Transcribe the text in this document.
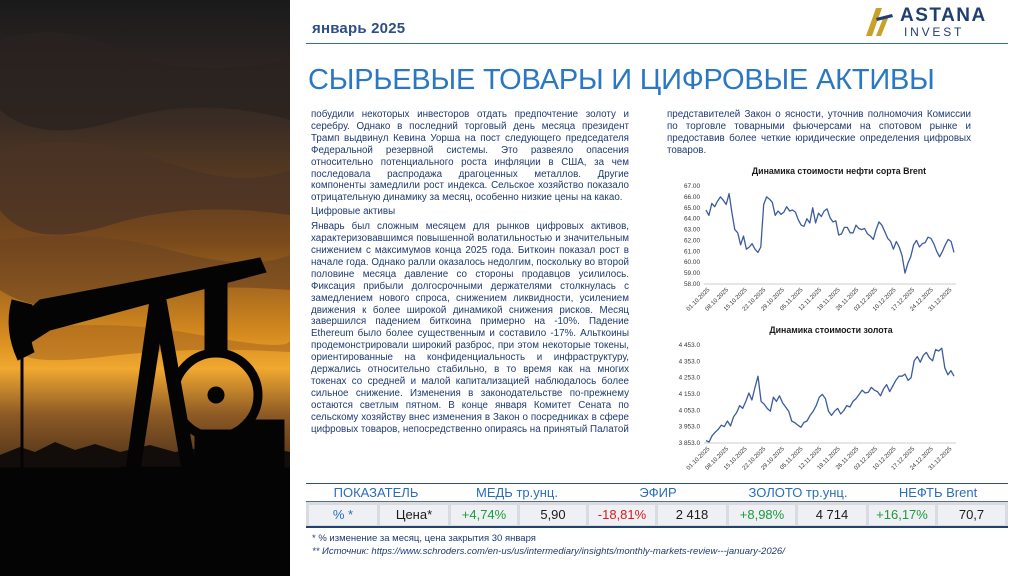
январь 2025
ASTANA
INVEST
СЫРЬЕВЫЕ ТОВАРЫ И ЦИФРОВЫЕ АКТИВЫ

побудили некоторых инвесторов отдать предпочтение золоту и серебру. Однако в последний торговый день месяца президент Трамп выдвинул Кевина Уорша на пост следующего председателя Федеральной резервной системы. Это развеяло опасения относительно потенциального роста инфляции в США, за чем последовала распродажа драгоценных металлов. Другие компоненты замедлили рост индекса. Сельское хозяйство показало отрицательную динамику за месяц, особенно низкие цены на какао.

Цифровые активы

Январь был сложным месяцем для рынков цифровых активов, характеризовавшимся повышенной волатильностью и значительным снижением с максимумов конца 2025 года. Биткоин показал рост в начале года. Однако ралли оказалось недолгим, поскольку во второй половине месяца давление со стороны продавцов усилилось. Фиксация прибыли долгосрочными держателями столкнулась с замедлением нового спроса, снижением ликвидности, усилением движения к более широкой динамикой снижения рисков. Месяц завершился падением биткоина примерно на -10%. Падение Ethereum было более существенным и составило -17%. Альткоины продемонстрировали широкий разброс, при этом некоторые токены, ориентированные на конфиденциальность и инфраструктуру, держались относительно стабильно, в то время как на многих токенах со средней и малой капитализацией наблюдалось более сильное снижение. Изменения в законодательстве по-прежнему остаются светлым пятном. В конце января Комитет Сената по сельскому хозяйству внес изменения в Закон о посредниках в сфере цифровых товаров, непосредственно опираясь на принятый Палатой

представителей Закон о ясности, уточнив полномочия Комиссии по торговле товарными фьючерсами на спотовом рынке и предоставив более четкие юридические определения цифровых товаров.

Динамика стоимости нефти сорта Brent
67.00
66.00
65.00
64.00
63.00
62.00
61.00
60.00
59.00
58.00
01.10.2025
08.10.2025
15.10.2025
22.10.2025
29.10.2025
05.11.2025
12.11.2025
19.11.2025
26.11.2025
03.12.2025
10.12.2025
17.12.2025
24.12.2025
31.12.2025
Динамика стоимости золота
4 453.0
4 353.0
4 253.0
4 153.0
4 053.0
3 953.0
3 853.0
01.10.2025
08.10.2025
15.10.2025
22.10.2025
29.10.2025
05.11.2025
12.11.2025
19.11.2025
26.11.2025
03.12.2025
10.12.2025
17.12.2025
24.12.2025
31.12.2025
ПОКАЗАТЕЛЬ	МЕДЬ тр.унц.	ЭФИР	ЗОЛОТО тр.унц.	НЕФТЬ Brent
% *	Цена*	+4,74%	5,90	-18,81%	2 418	+8,98%	4 714	+16,17%	70,7
* % изменение за месяц, цена закрытия 30 января
** Источник: https://www.schroders.com/en-us/us/intermediary/insights/monthly-markets-review---january-2026/
